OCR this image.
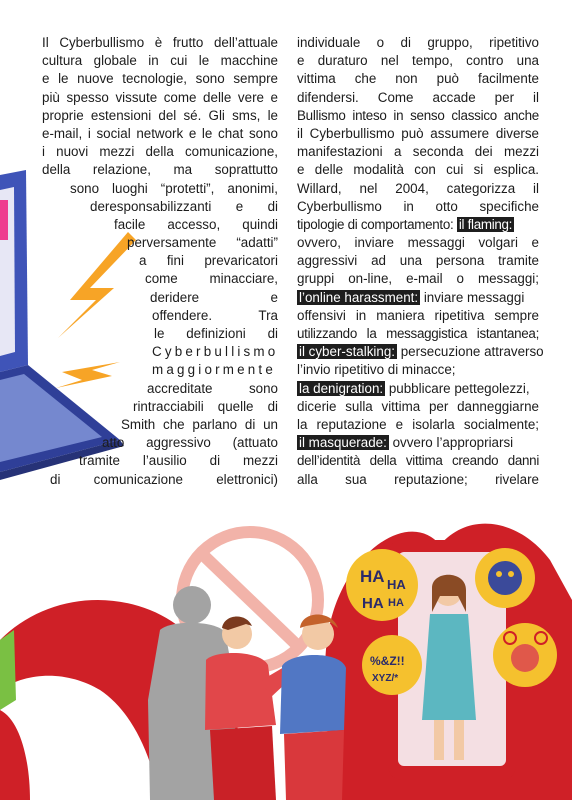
HA HA
HA HA
%&Z!!
XYZ/*
Il Cyberbullismo è frutto dell’attuale
cultura globale in cui le macchine
e le nuove tecnologie, sono sempre
più spesso vissute come delle vere e
proprie estensioni del sé. Gli sms, le
e-mail, i social network e le chat sono
i nuovi mezzi della comunicazione,
della relazione, ma soprattutto
sono luoghi “protetti”, anonimi,
deresponsabilizzanti e di
facile accesso, quindi
perversamente “adatti”
a fini prevaricatori
come minacciare,
deridere e
offendere. Tra
le definizioni di
Cyberbullismo
maggiormente
accreditate sono
rintracciabili quelle di
Smith che parlano di un
atto aggressivo (attuato
tramite l’ausilio di mezzi
di comunicazione elettronici)
individuale o di gruppo, ripetitivo
e duraturo nel tempo, contro una
vittima che non può facilmente
difendersi. Come accade per il
Bullismo inteso in senso classico anche
il Cyberbullismo può assumere diverse
manifestazioni a seconda dei mezzi
e delle modalità con cui si esplica.
Willard, nel 2004, categorizza il
Cyberbullismo in otto specifiche
tipologie di comportamento: il flaming:
ovvero, inviare messaggi volgari e
aggressivi ad una persona tramite
gruppi on-line, e-mail o messaggi;
l’online harassment: inviare messaggi
offensivi in maniera ripetitiva sempre
utilizzando la messaggistica istantanea;
il cyber-stalking: persecuzione attraverso
l’invio ripetitivo di minacce;
la denigration: pubblicare pettegolezzi,
dicerie sulla vittima per danneggiarne
la reputazione e isolarla socialmente;
il masquerade: ovvero l’appropriarsi
dell’identità della vittima creando danni
alla sua reputazione; rivelare
